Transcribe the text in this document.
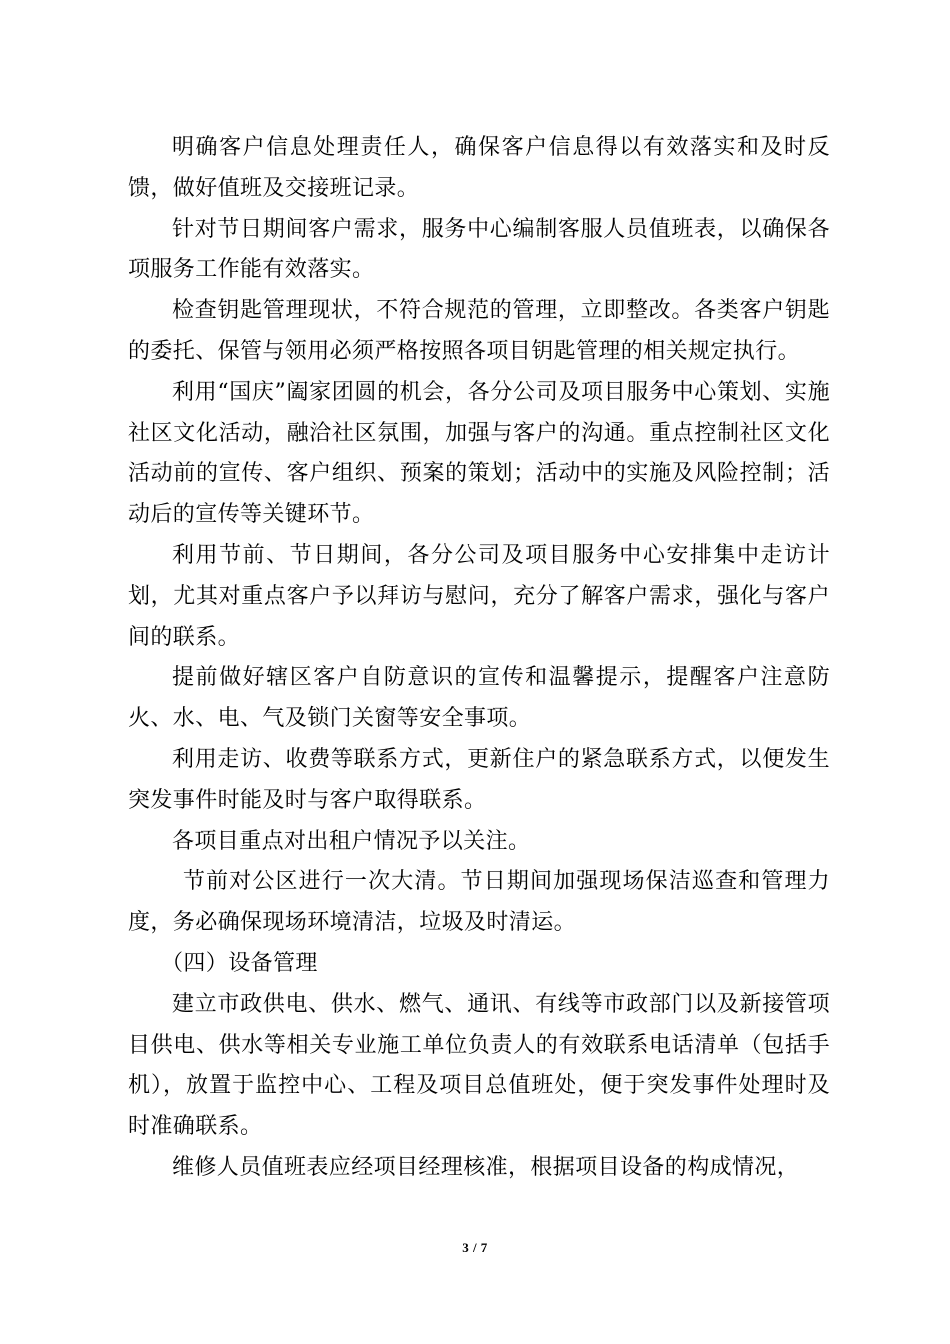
明确客户信息处理责任人，确保客户信息得以有效落实和及时反馈，做好值班及交接班记录。

针对节日期间客户需求，服务中心编制客服人员值班表，以确保各项服务工作能有效落实。

检查钥匙管理现状，不符合规范的管理，立即整改。各类客户钥匙的委托、保管与领用必须严格按照各项目钥匙管理的相关规定执行。

利用“国庆”阖家团圆的机会，各分公司及项目服务中心策划、实施社区文化活动，融洽社区氛围，加强与客户的沟通。重点控制社区文化活动前的宣传、客户组织、预案的策划；活动中的实施及风险控制；活动后的宣传等关键环节。

利用节前、节日期间，各分公司及项目服务中心安排集中走访计划，尤其对重点客户予以拜访与慰问，充分了解客户需求，强化与客户间的联系。

提前做好辖区客户自防意识的宣传和温馨提示，提醒客户注意防火、水、电、气及锁门关窗等安全事项。

利用走访、收费等联系方式，更新住户的紧急联系方式，以便发生突发事件时能及时与客户取得联系。

各项目重点对出租户情况予以关注。

节前对公区进行一次大清。节日期间加强现场保洁巡查和管理力度，务必确保现场环境清洁，垃圾及时清运。

（四）设备管理

建立市政供电、供水、燃气、通讯、有线等市政部门以及新接管项目供电、供水等相关专业施工单位负责人的有效联系电话清单（包括手机），放置于监控中心、工程及项目总值班处，便于突发事件处理时及时准确联系。

维修人员值班表应经项目经理核准，根据项目设备的构成情况，

3 / 7
